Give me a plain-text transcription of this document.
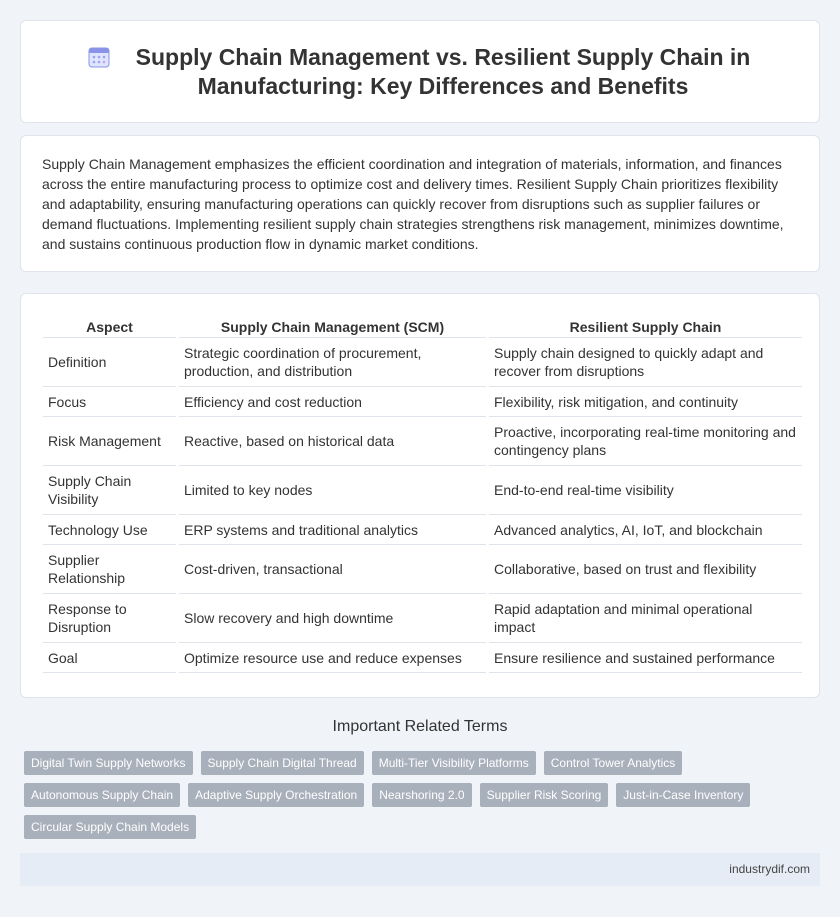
Supply Chain Management vs. Resilient Supply Chain in Manufacturing: Key Differences and Benefits

Supply Chain Management emphasizes the efficient coordination and integration of materials, information, and finances across the entire manufacturing process to optimize cost and delivery times. Resilient Supply Chain prioritizes flexibility and adaptability, ensuring manufacturing operations can quickly recover from disruptions such as supplier failures or demand fluctuations. Implementing resilient supply chain strategies strengthens risk management, minimizes downtime, and sustains continuous production flow in dynamic market conditions.

Aspect	Supply Chain Management (SCM)	Resilient Supply Chain
Definition	Strategic coordination of procurement, production, and distribution	Supply chain designed to quickly adapt and recover from disruptions
Focus	Efficiency and cost reduction	Flexibility, risk mitigation, and continuity
Risk Management	Reactive, based on historical data	Proactive, incorporating real-time monitoring and contingency plans
Supply Chain Visibility	Limited to key nodes	End-to-end real-time visibility
Technology Use	ERP systems and traditional analytics	Advanced analytics, AI, IoT, and blockchain
Supplier Relationship	Cost-driven, transactional	Collaborative, based on trust and flexibility
Response to Disruption	Slow recovery and high downtime	Rapid adaptation and minimal operational impact
Goal	Optimize resource use and reduce expenses	Ensure resilience and sustained performance
Important Related Terms
Digital Twin Supply Networks	Supply Chain Digital Thread	Multi-Tier Visibility Platforms	Control Tower Analytics
Autonomous Supply Chain	Adaptive Supply Orchestration	Nearshoring 2.0	Supplier Risk Scoring	Just-in-Case Inventory
Circular Supply Chain Models
industrydif.com
